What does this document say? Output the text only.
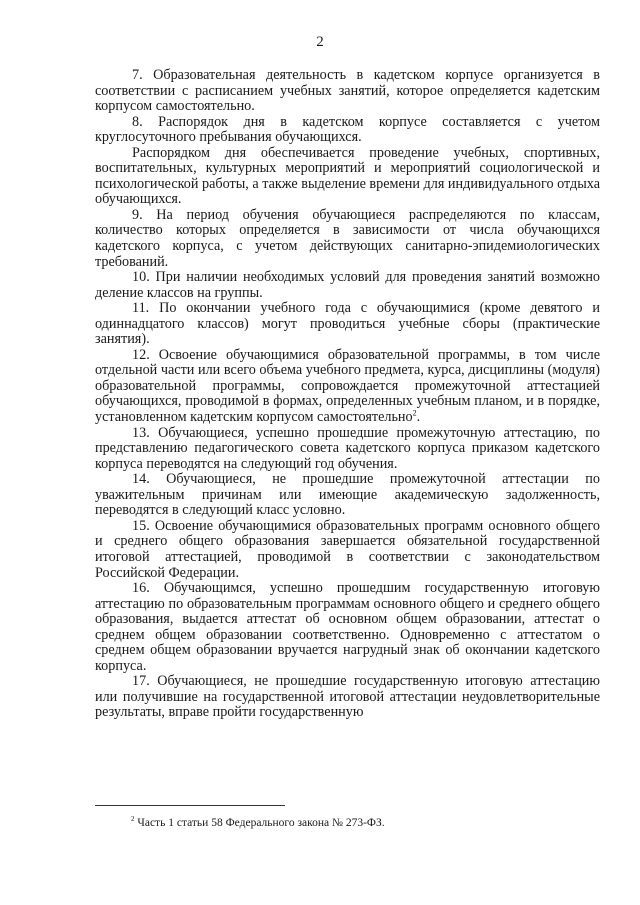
2

7. Образовательная деятельность в кадетском корпусе организуется в соответствии с расписанием учебных занятий, которое определяется кадетским корпусом самостоятельно.

8. Распорядок дня в кадетском корпусе составляется с учетом круглосуточного пребывания обучающихся.

Распорядком дня обеспечивается проведение учебных, спортивных, воспитательных, культурных мероприятий и мероприятий социологической и психологической работы, а также выделение времени для индивидуального отдыха обучающихся.

9. На период обучения обучающиеся распределяются по классам, количество которых определяется в зависимости от числа обучающихся кадетского корпуса, с учетом действующих санитарно-эпидемиологических требований.

10. При наличии необходимых условий для проведения занятий возможно деление классов на группы.

11. По окончании учебного года с обучающимися (кроме девятого и одиннадцатого классов) могут проводиться учебные сборы (практические занятия).

12. Освоение обучающимися образовательной программы, в том числе отдельной части или всего объема учебного предмета, курса, дисциплины (модуля) образовательной программы, сопровождается промежуточной аттестацией обучающихся, проводимой в формах, определенных учебным планом, и в порядке, установленном кадетским корпусом самостоятельно$^2$.

13. Обучающиеся, успешно прошедшие промежуточную аттестацию, по представлению педагогического совета кадетского корпуса приказом кадетского корпуса переводятся на следующий год обучения.

14. Обучающиеся, не прошедшие промежуточной аттестации по уважительным причинам или имеющие академическую задолженность, переводятся в следующий класс условно.

15. Освоение обучающимися образовательных программ основного общего и среднего общего образования завершается обязательной государственной итоговой аттестацией, проводимой в соответствии с законодательством Российской Федерации.

16. Обучающимся, успешно прошедшим государственную итоговую аттестацию по образовательным программам основного общего и среднего общего образования, выдается аттестат об основном общем образовании, аттестат о среднем общем образовании соответственно. Одновременно с аттестатом о среднем общем образовании вручается нагрудный знак об окончании кадетского корпуса.

17. Обучающиеся, не прошедшие государственную итоговую аттестацию или получившие на государственной итоговой аттестации неудовлетворительные результаты, вправе пройти государственную

$^2$ Часть 1 статьи 58 Федерального закона № 273-ФЗ.
